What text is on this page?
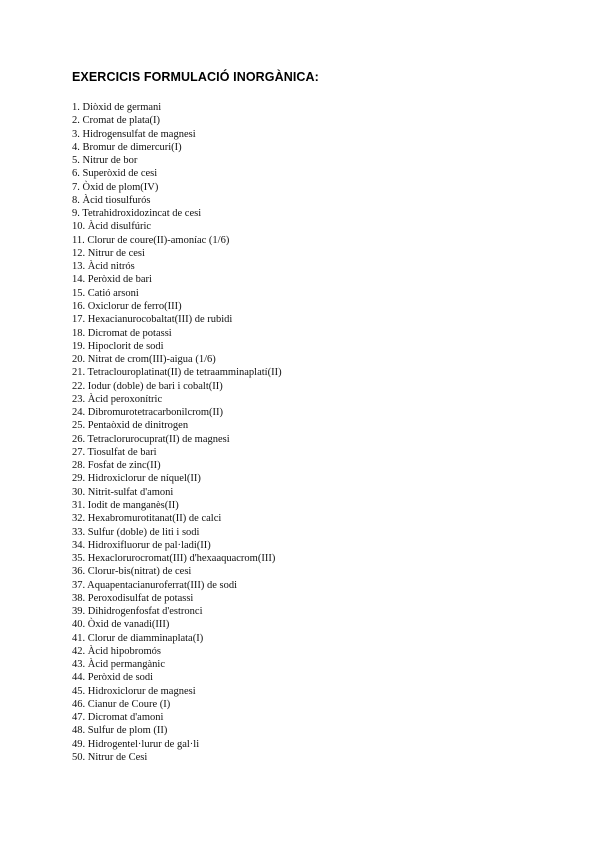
EXERCICIS FORMULACIÓ INORGÀNICA:
1. Diòxid de germani
2. Cromat de plata(I)
3. Hidrogensulfat de magnesi
4. Bromur de dimercuri(I)
5. Nitrur de bor
6. Superòxid de cesi
7. Òxid de plom(IV)
8. Àcid tiosulfurós
9. Tetrahidroxidozincat de cesi
10. Àcid disulfúric
11. Clorur de coure(II)-amoníac (1/6)
12. Nitrur de cesi
13. Àcid nitrós
14. Peròxid de bari
15. Catió arsoni
16. Oxiclorur de ferro(III)
17. Hexacianurocobaltat(III) de rubidi
18. Dicromat de potassi
19. Hipoclorit de sodi
20. Nitrat de crom(III)-aigua (1/6)
21. Tetraclouroplatinat(II) de tetraamminaplatí(II)
22. Iodur (doble) de bari i cobalt(II)
23. Àcid peroxonítric
24. Dibromurotetracarbonilcrom(II)
25. Pentaòxid de dinitrogen
26. Tetraclorurocuprat(II) de magnesi
27. Tiosulfat de bari
28. Fosfat de zinc(II)
29. Hidroxiclorur de níquel(II)
30. Nitrit-sulfat d'amoni
31. Iodit de manganès(II)
32. Hexabromurotitanat(II) de calci
33. Sulfur (doble) de liti i sodi
34. Hidroxifluorur de pal·ladi(II)
35. Hexaclorurocromat(III) d'hexaaquacrom(III)
36. Clorur-bis(nitrat) de cesi
37. Aquapentacianuroferrat(III) de sodi
38. Peroxodisulfat de potassi
39. Dihidrogenfosfat d'estronci
40. Òxid de vanadi(III)
41. Clorur de diamminaplata(I)
42. Àcid hipobromós
43. Àcid permangànic
44. Peròxid de sodi
45. Hidroxiclorur de magnesi
46. Cianur de Coure (I)
47. Dicromat d'amoni
48. Sulfur de plom (II)
49. Hidrogentel·lurur de gal·li
50. Nitrur de Cesi
